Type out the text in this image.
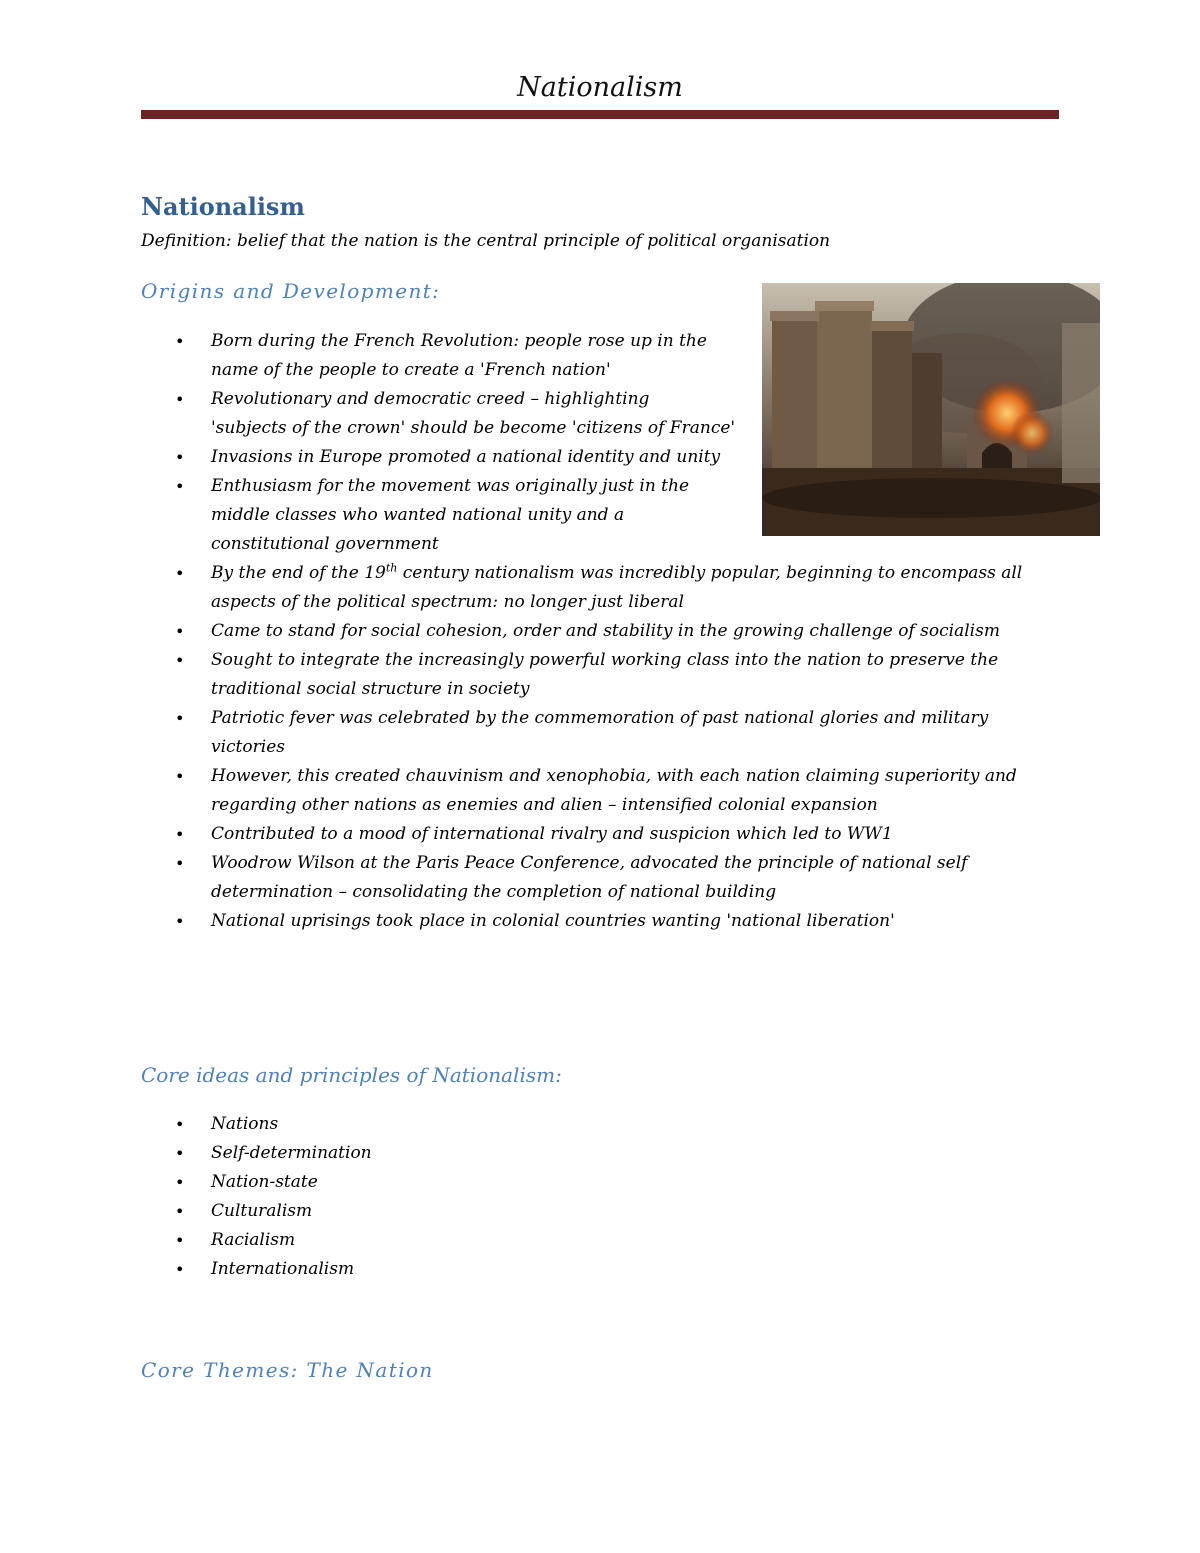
Nationalism
Nationalism
Definition: belief that the nation is the central principle of political organisation
Origins and Development:
• Born during the French Revolution: people rose up in the
name of the people to create a 'French nation'
• Revolutionary and democratic creed – highlighting
'subjects of the crown' should be become 'citizens of France'
• Invasions in Europe promoted a national identity and unity
• Enthusiasm for the movement was originally just in the
middle classes who wanted national unity and a
constitutional government
• By the end of the 19th century nationalism was incredibly popular, beginning to encompass all
aspects of the political spectrum: no longer just liberal
• Came to stand for social cohesion, order and stability in the growing challenge of socialism
• Sought to integrate the increasingly powerful working class into the nation to preserve the
traditional social structure in society
• Patriotic fever was celebrated by the commemoration of past national glories and military
victories
• However, this created chauvinism and xenophobia, with each nation claiming superiority and
regarding other nations as enemies and alien – intensified colonial expansion
• Contributed to a mood of international rivalry and suspicion which led to WW1
• Woodrow Wilson at the Paris Peace Conference, advocated the principle of national self
determination – consolidating the completion of national building
• National uprisings took place in colonial countries wanting 'national liberation'
Core ideas and principles of Nationalism:
• Nations
• Self-determination
• Nation-state
• Culturalism
• Racialism
• Internationalism
Core Themes: The Nation
